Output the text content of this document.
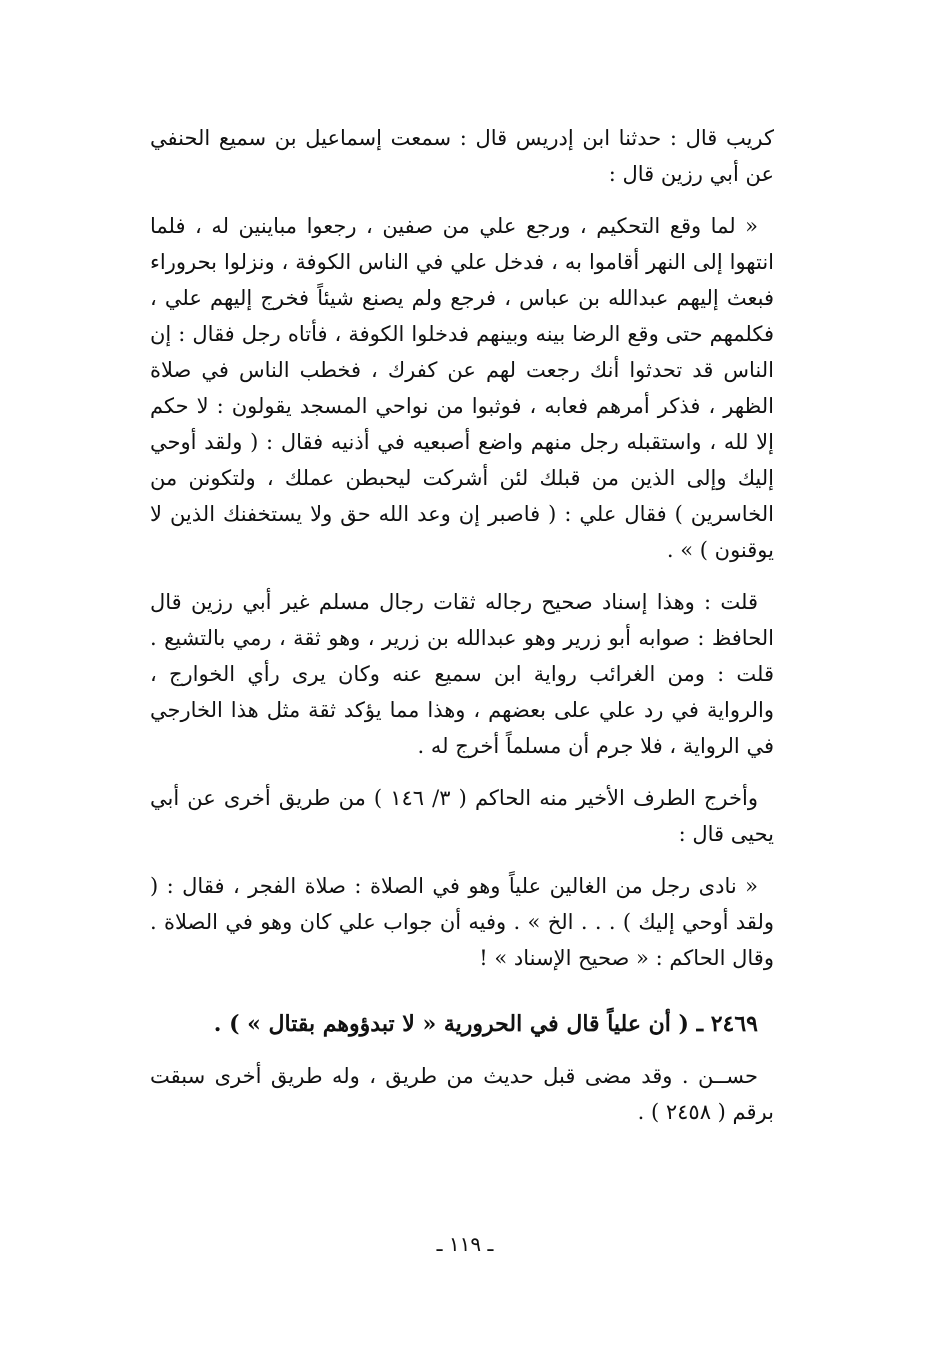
كريب قال : حدثنا ابن إدريس قال : سمعت إسماعيل بن سميع الحنفي عن أبي رزين قال :

« لما وقع التحكيم ، ورجع علي من صفين ، رجعوا مباينين له ، فلما انتهوا إلى النهر أقاموا به ، فدخل علي في الناس الكوفة ، ونزلوا بحروراء فبعث إليهم عبدالله بن عباس ، فرجع ولم يصنع شيئاً فخرج إليهم علي ، فكلمهم حتى وقع الرضا بينه وبينهم فدخلوا الكوفة ، فأتاه رجل فقال : إن الناس قد تحدثوا أنك رجعت لهم عن كفرك ، فخطب الناس في صلاة الظهر ، فذكر أمرهم فعابه ، فوثبوا من نواحي المسجد يقولون : لا حكم إلا لله ، واستقبله رجل منهم واضع أصبعيه في أذنيه فقال : ( ولقد أوحي إليك وإلى الذين من قبلك لئن أشركت ليحبطن عملك ، ولتكونن من الخاسرين ) فقال علي : ( فاصبر إن وعد الله حق ولا يستخفنك الذين لا يوقنون ) » .

قلت : وهذا إسناد صحيح رجاله ثقات رجال مسلم غير أبي رزين قال الحافظ : صوابه أبو زرير وهو عبدالله بن زرير ، وهو ثقة ، رمي بالتشيع . قلت : ومن الغرائب رواية ابن سميع عنه وكان يرى رأي الخوارج ، والرواية في رد علي على بعضهم ، وهذا مما يؤكد ثقة مثل هذا الخارجي في الرواية ، فلا جرم أن مسلماً أخرج له .

وأخرج الطرف الأخير منه الحاكم ( ٣/ ١٤٦ ) من طريق أخرى عن أبي يحيى قال :

« نادى رجل من الغالين علياً وهو في الصلاة : صلاة الفجر ، فقال : ( ولقد أوحي إليك ) . . . الخ » . وفيه أن جواب علي كان وهو في الصلاة . وقال الحاكم : « صحيح الإسناد » !

٢٤٦٩ ـ ( أن علياً قال في الحرورية « لا تبدؤوهم بقتال » ) .

حســن . وقد مضى قبل حديث من طريق ، وله طريق أخرى سبقت برقم ( ٢٤٥٨ ) .

ـ ١١٩ ـ
